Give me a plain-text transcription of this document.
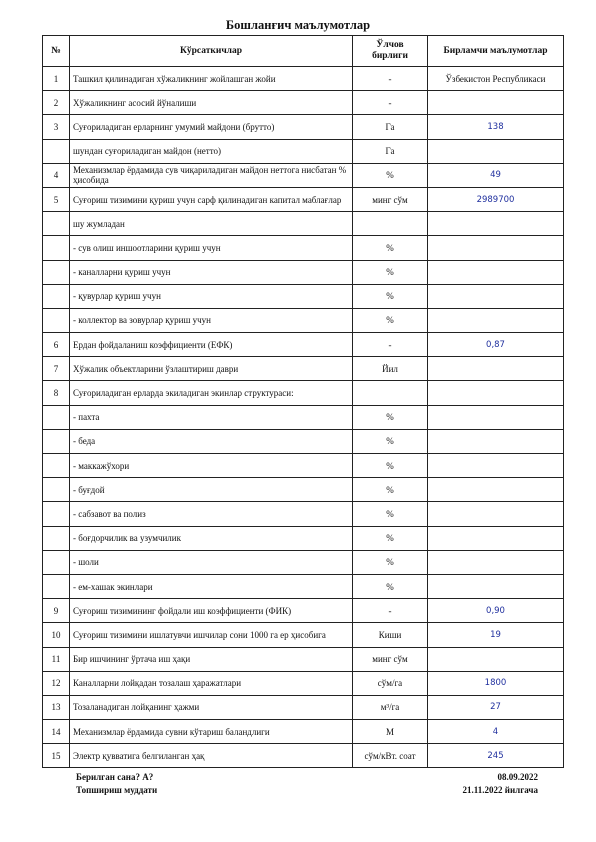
Бошланғич маълумотлар
№	Кўрсаткичлар	Ўлчов бирлиги	Бирламчи маълумотлар
1	Ташкил қилинадиган хўжаликнинг жойлашган жойи	-	Ўзбекистон Республикаси
2	Хўжаликнинг асосий йўналиши	-	
3	Суғориладиган ерларнинг умумий майдони (брутто)	Га	138
	шундан суғориладиган майдон (нетто)	Га	
4	Механизмлар ёрдамида сув чиқариладиган майдон неттога нисбатан % ҳисобида	%	49
5	Суғориш тизимини қуриш учун сарф қилинадиган капитал маблағлар	минг сўм	2989700
	шу жумладан		
	- сув олиш иншоотларини қуриш учун	%	
	- каналларни қуриш учун	%	
	- қувурлар қуриш учун	%	
	- коллектор ва зовурлар қуриш учун	%	
6	Ердан фойдаланиш коэффициенти (ЕФК)	-	0,87
7	Хўжалик объектларини ўзлаштириш даври	Йил	
8	Суғориладиган ерларда экиладиган экинлар структураси:		
	- пахта	%	
	- беда	%	
	- маккажўхори	%	
	- буғдой	%	
	- сабзавот ва полиз	%	
	- боғдорчилик ва узумчилик	%	
	- шоли	%	
	- ем-хашак экинлари	%	
9	Суғориш тизимининг фойдали иш коэффициенти (ФИК)	-	0,90
10	Суғориш тизимини ишлатувчи ишчилар сони 1000 га ер ҳисобига	Киши	19
11	Бир ишчининг ўртача иш ҳақи	минг сўм	
12	Каналларни лойқадан тозалаш ҳаражатлари	сўм/га	1800
13	Тозаланадиган лойқанинг ҳажми	м³/га	27
14	Механизмлар ёрдамида сувни кўтариш баландлиги	М	4
15	Электр қувватига белгиланган ҳақ	сўм/кВт. соат	245
Берилган сана? А?	08.09.2022
Топшириш муддати	21.11.2022 йилгача
